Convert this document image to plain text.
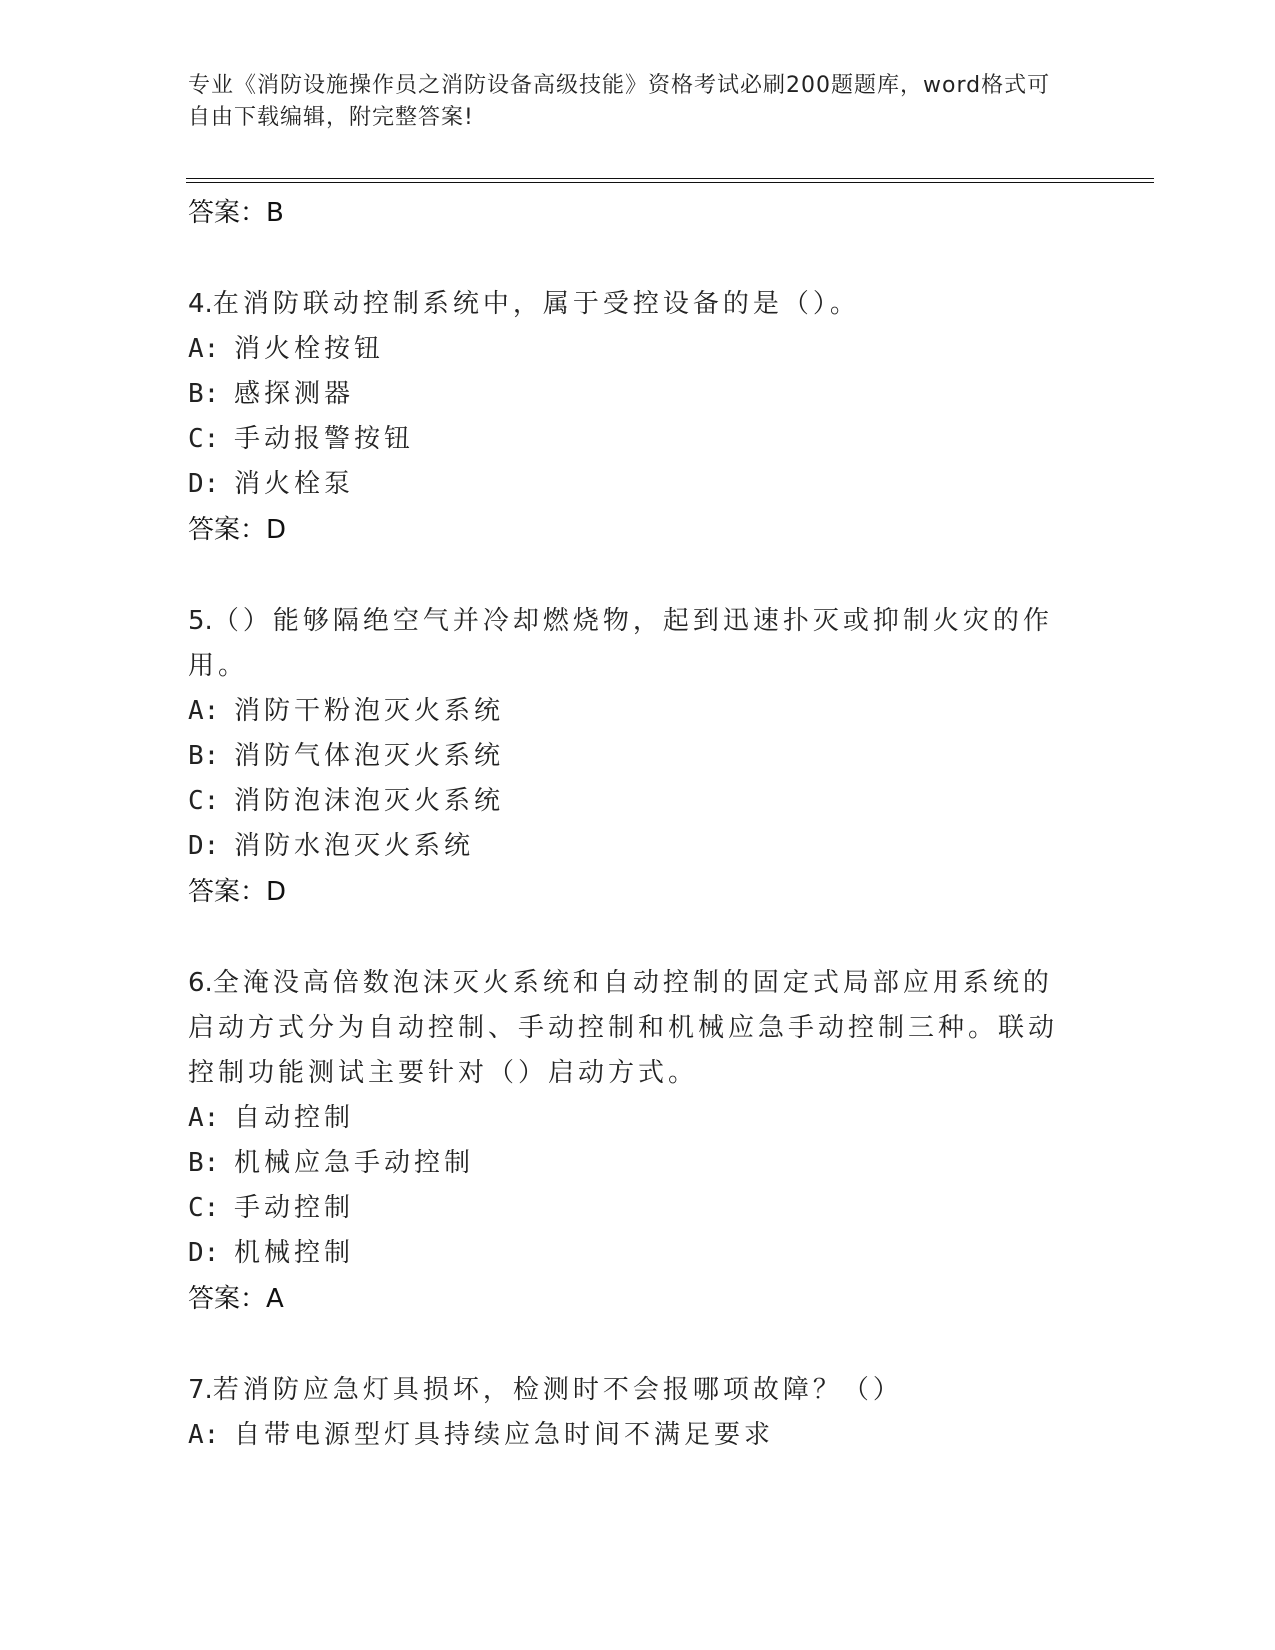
专业《消防设施操作员之消防设备高级技能》资格考试必刷200题题库，word格式可自由下载编辑，附完整答案!
答案：B
4.在消防联动控制系统中，属于受控设备的是（）。
A: 消火栓按钮
B: 感探测器
C: 手动报警按钮
D: 消火栓泵
答案：D
5.（）能够隔绝空气并冷却燃烧物，起到迅速扑灭或抑制火灾的作用。
A: 消防干粉泡灭火系统
B: 消防气体泡灭火系统
C: 消防泡沫泡灭火系统
D: 消防水泡灭火系统
答案：D
6.全淹没高倍数泡沫灭火系统和自动控制的固定式局部应用系统的启动方式分为自动控制、手动控制和机械应急手动控制三种。联动控制功能测试主要针对（）启动方式。
A: 自动控制
B: 机械应急手动控制
C: 手动控制
D: 机械控制
答案：A
7.若消防应急灯具损坏，检测时不会报哪项故障？（）
A: 自带电源型灯具持续应急时间不满足要求
